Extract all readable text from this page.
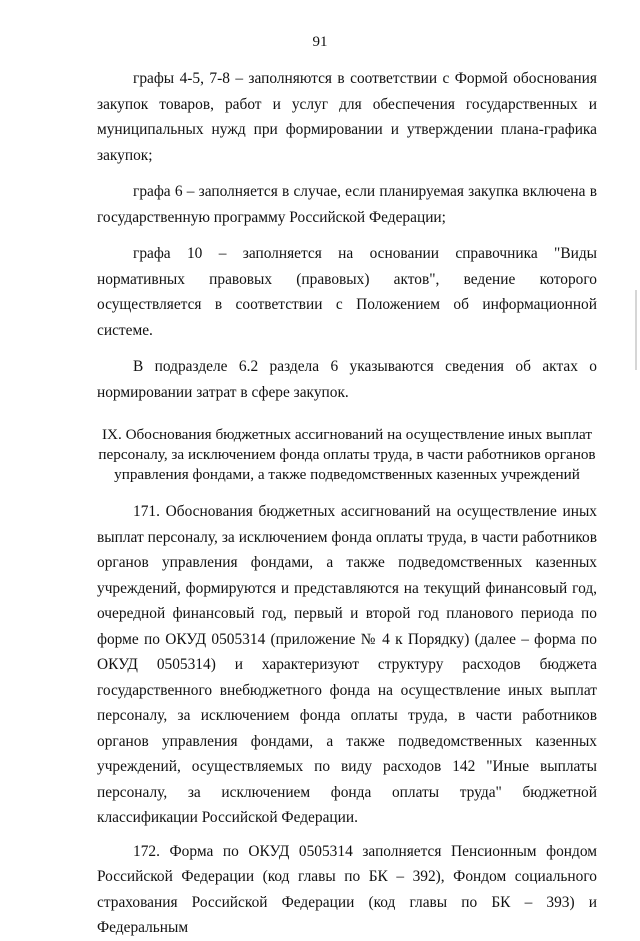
91

графы 4-5, 7-8 – заполняются в соответствии с Формой обоснования закупок товаров, работ и услуг для обеспечения государственных и муниципальных нужд при формировании и утверждении плана-графика закупок;

графа 6 – заполняется в случае, если планируемая закупка включена в государственную программу Российской Федерации;

графа 10 – заполняется на основании справочника "Виды нормативных правовых (правовых) актов", ведение которого осуществляется в соответствии с Положением об информационной системе.

В подразделе 6.2 раздела 6 указываются сведения об актах о нормировании затрат в сфере закупок.

IX. Обоснования бюджетных ассигнований на осуществление иных выплат персоналу, за исключением фонда оплаты труда, в части работников органов управления фондами, а также подведомственных казенных учреждений

171. Обоснования бюджетных ассигнований на осуществление иных выплат персоналу, за исключением фонда оплаты труда, в части работников органов управления фондами, а также подведомственных казенных учреждений, формируются и представляются на текущий финансовый год, очередной финансовый год, первый и второй год планового периода по форме по ОКУД 0505314 (приложение № 4 к Порядку) (далее – форма по ОКУД 0505314) и характеризуют структуру расходов бюджета государственного внебюджетного фонда на осуществление иных выплат персоналу, за исключением фонда оплаты труда, в части работников органов управления фондами, а также подведомственных казенных учреждений, осуществляемых по виду расходов 142 "Иные выплаты персоналу, за исключением фонда оплаты труда" бюджетной классификации Российской Федерации.

172. Форма по ОКУД 0505314 заполняется Пенсионным фондом Российской Федерации (код главы по БК – 392), Фондом социального страхования Российской Федерации (код главы по БК – 393) и Федеральным
